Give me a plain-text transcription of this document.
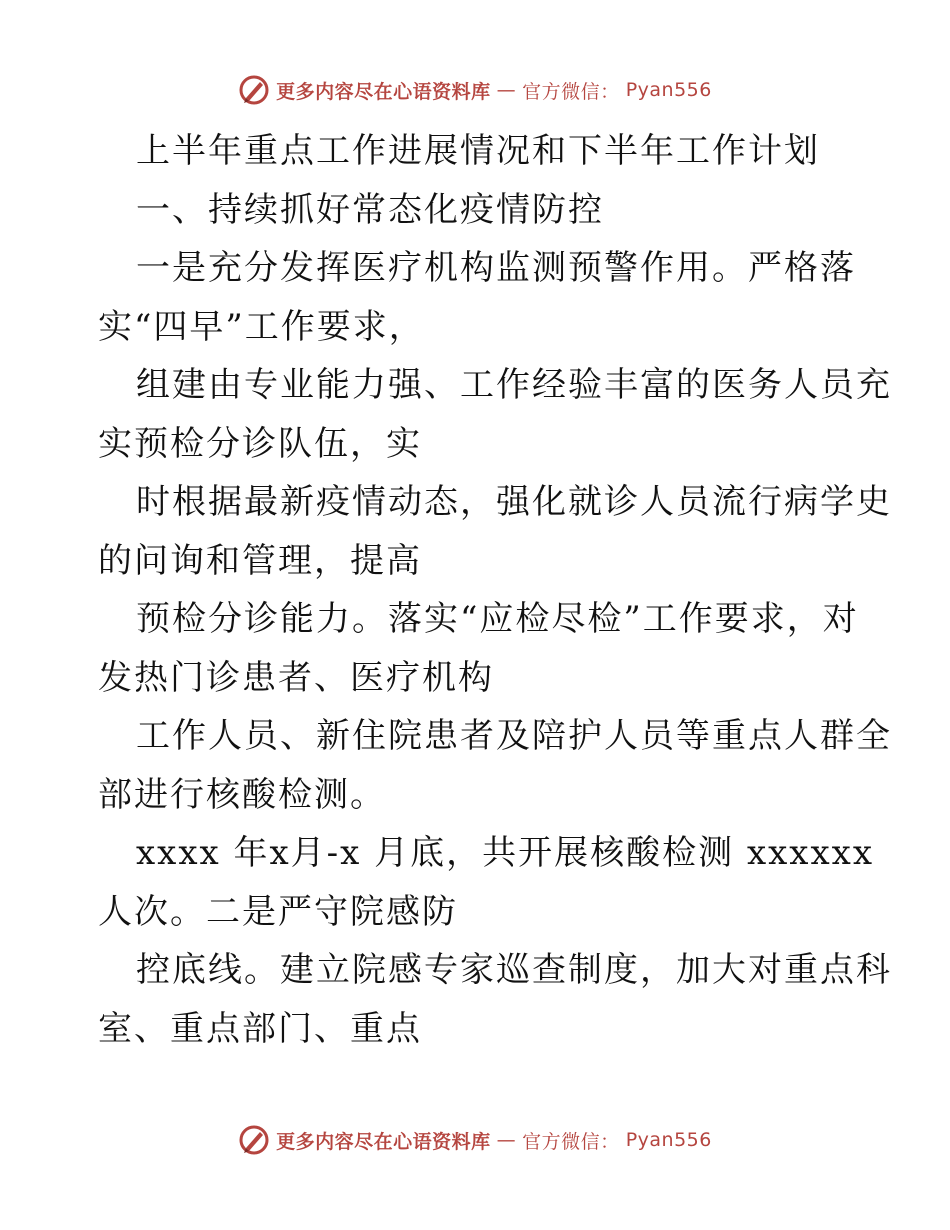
更多内容尽在心语资料库 — 官方微信： Pyan556
上半年重点工作进展情况和下半年工作计划
一、持续抓好常态化疫情防控
一是充分发挥医疗机构监测预警作用。严格落
实“四早”工作要求，
组建由专业能力强、工作经验丰富的医务人员充
实预检分诊队伍，实
时根据最新疫情动态，强化就诊人员流行病学史
的问询和管理，提高
预检分诊能力。落实“应检尽检”工作要求，对
发热门诊患者、医疗机构
工作人员、新住院患者及陪护人员等重点人群全
部进行核酸检测。
xxxx 年x月-x 月底，共开展核酸检测 xxxxxx
人次。二是严守院感防
控底线。建立院感专家巡查制度，加大对重点科
室、重点部门、重点
更多内容尽在心语资料库 — 官方微信： Pyan556
